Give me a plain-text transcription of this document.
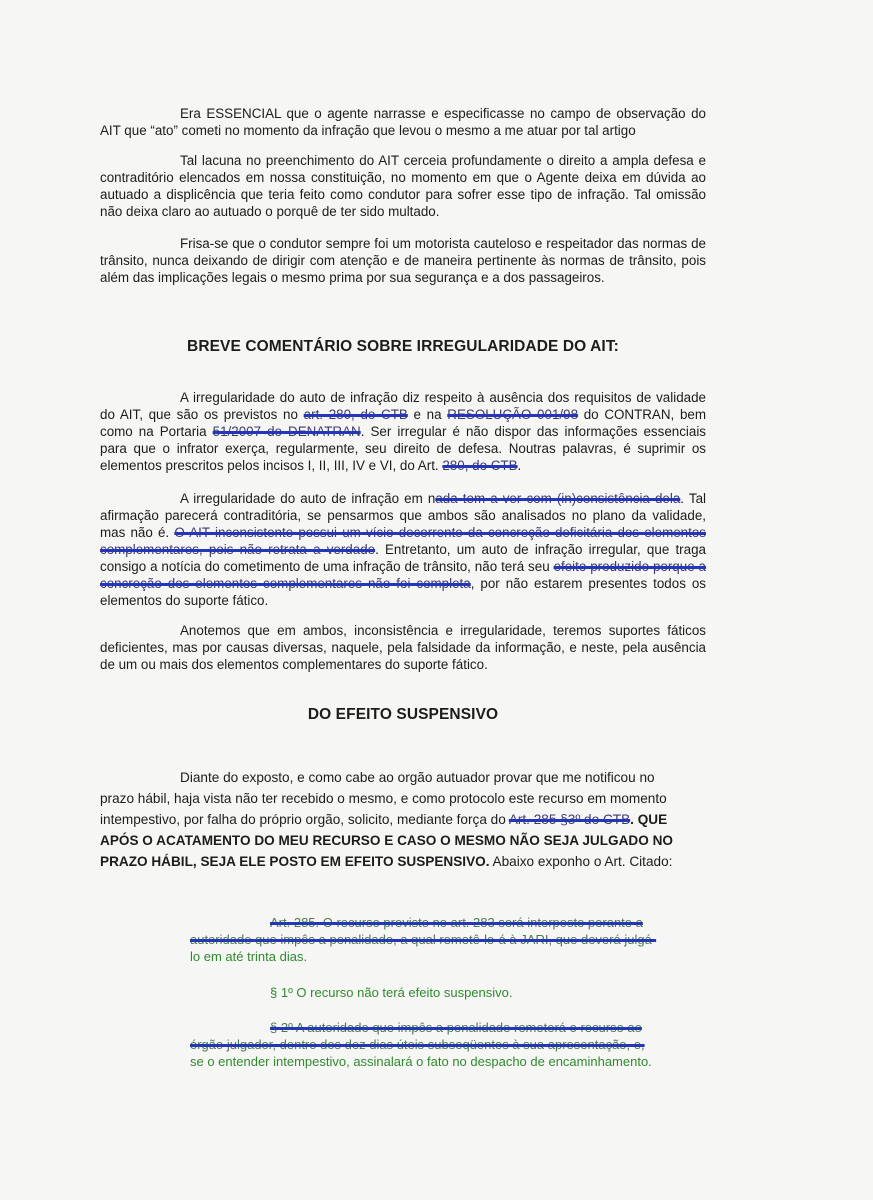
Era ESSENCIAL que o agente narrasse e especificasse no campo de observação do AIT que “ato” cometi no momento da infração que levou o mesmo a me atuar por tal artigo

Tal lacuna no preenchimento do AIT cerceia profundamente o direito a ampla defesa e contraditório elencados em nossa constituição, no momento em que o Agente deixa em dúvida ao autuado a displicência que teria feito como condutor para sofrer esse tipo de infração. Tal omissão não deixa claro ao autuado o porquê de ter sido multado.

Frisa-se que o condutor sempre foi um motorista cauteloso e respeitador das normas de trânsito, nunca deixando de dirigir com atenção e de maneira pertinente às normas de trânsito, pois além das implicações legais o mesmo prima por sua segurança e a dos passageiros.

BREVE COMENTÁRIO SOBRE IRREGULARIDADE DO AIT:

A irregularidade do auto de infração diz respeito à ausência dos requisitos de validade do AIT, que são os previstos no art. 280, do CTB e na RESOLUÇÃO 001/98 do CONTRAN, bem como na Portaria 51/2007 do DENATRAN. Ser irregular é não dispor das informações essenciais para que o infrator exerça, regularmente, seu direito de defesa. Noutras palavras, é suprimir os elementos prescritos pelos incisos I, II, III, IV e VI, do Art. 280, do CTB.

A irregularidade do auto de infração em nada tem a ver com (in)consistência dela. Tal afirmação parecerá contraditória, se pensarmos que ambos são analisados no plano da validade, mas não é. O AIT inconsistente possui um vício decorrente da concreção deficitária dos elementos complementares, pois não retrata a verdade. Entretanto, um auto de infração irregular, que traga consigo a notícia do cometimento de uma infração de trânsito, não terá seu efeito produzido porque a concreção dos elementos complementares não foi completa, por não estarem presentes todos os elementos do suporte fático.

Anotemos que em ambos, inconsistência e irregularidade, teremos suportes fáticos deficientes, mas por causas diversas, naquele, pela falsidade da informação, e neste, pela ausência de um ou mais dos elementos complementares do suporte fático.

DO EFEITO SUSPENSIVO
Diante do exposto, e como cabe ao orgão autuador provar que me notificou no
prazo hábil, haja vista não ter recebido o mesmo, e como protocolo este recurso em momento
intempestivo, por falha do próprio orgão, solicito, mediante força do Art. 285 §3º do CTB. QUE
APÓS O ACATAMENTO DO MEU RECURSO E CASO O MESMO NÃO SEJA JULGADO NO
PRAZO HÁBIL, SEJA ELE POSTO EM EFEITO SUSPENSIVO. Abaixo exponho o Art. Citado:
Art. 285. O recurso previsto no art. 283 será interposto perante a
autoridade que impôs a penalidade, a qual remetê-lo-á à JARI, que deverá julgá-
lo em até trinta dias.
§ 1º O recurso não terá efeito suspensivo.
§ 2º A autoridade que impôs a penalidade remeterá o recurso ao
órgão julgador, dentro dos dez dias úteis subseqüentes à sua apresentação, e,
se o entender intempestivo, assinalará o fato no despacho de encaminhamento.
